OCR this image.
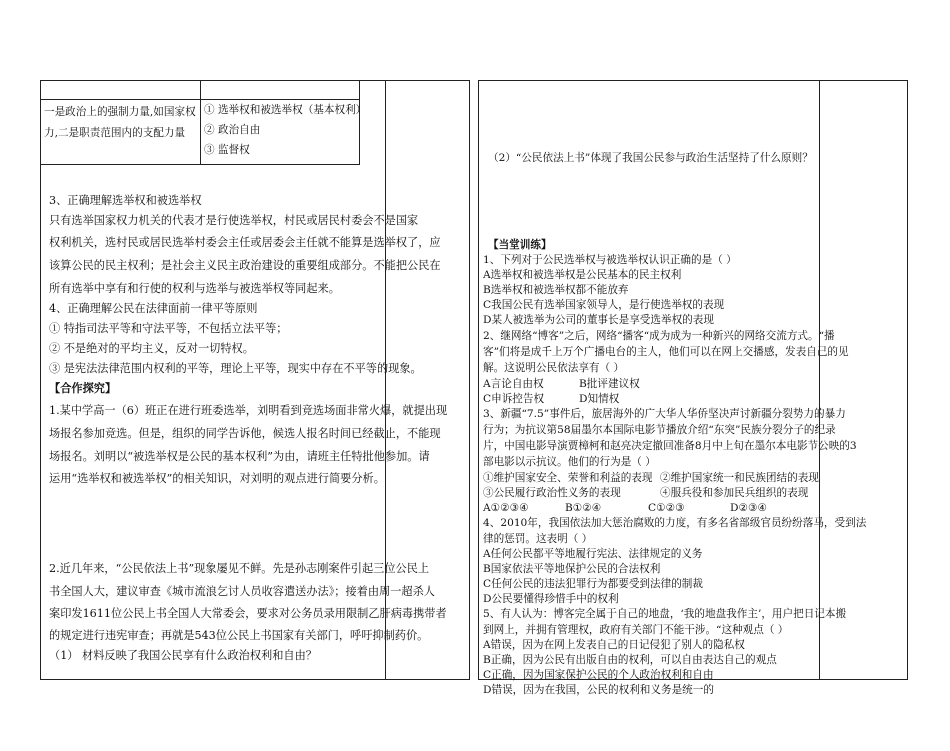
一是政治上的强制力量,如国家权
力,二是职责范围内的支配力量
① 选举权和被选举权（基本权利）
② 政治自由
③ 监督权
3、正确理解选举权和被选举权
只有选举国家权力机关的代表才是行使选举权，村民或居民村委会不是国家
权利机关，选村民或居民选举村委会主任或居委会主任就不能算是选举权了，应
该算公民的民主权利；是社会主义民主政治建设的重要组成部分。不能把公民在
所有选举中享有和行使的权利与选举与被选举权等同起来。
4、正确理解公民在法律面前一律平等原则
① 特指司法平等和守法平等，不包括立法平等；
② 不是绝对的平均主义，反对一切特权。
③ 是宪法法律范围内权利的平等，理论上平等，现实中存在不平等的现象。
【合作探究】
1.某中学高一（6）班正在进行班委选举，刘明看到竞选场面非常火爆，就提出现
场报名参加竞选。但是，组织的同学告诉他，候选人报名时间已经截止，不能现
场报名。刘明以“被选举权是公民的基本权利”为由，请班主任特批他参加。请
运用“选举权和被选举权”的相关知识，对刘明的观点进行简要分析。
2.近几年来，“公民依法上书”现象屡见不鲜。先是孙志刚案件引起三位公民上
书全国人大，建议审查《城市流浪乞讨人员收容遣送办法》；接着由周一超杀人
案印发1611位公民上书全国人大常委会，要求对公务员录用限制乙肝病毒携带者
的规定进行违宪审查；再就是543位公民上书国家有关部门，呼吁抑制药价。
（1） 材料反映了我国公民享有什么政治权利和自由？
（2）“公民依法上书”体现了我国公民参与政治生活坚持了什么原则？
【当堂训练】
1、下列对于公民选举权与被选举权认识正确的是（ ）
A选举权和被选举权是公民基本的民主权利
B选举权和被选举权都不能放弃
C我国公民有选举国家领导人，是行使选举权的表现
D某人被选举为公司的董事长是享受选举权的表现
2、继网络“博客”之后，网络“播客“成为成为一种新兴的网络交流方式。“播
客”们将是成千上万个广播电台的主人，他们可以在网上交播感，发表自己的见
解。这说明公民依法享有（ ）
A言论自由权	B批评建议权
C申诉控告权	D知情权
3、新疆“7.5”事件后，旅居海外的广大华人华侨坚决声讨新疆分裂势力的暴力
行为；为抗议第58届墨尔本国际电影节播放介绍“东突”民族分裂分子的纪录
片，中国电影导演贾樟柯和赵亮决定撤回准备8月中上旬在墨尔本电影节公映的3
部电影以示抗议。他们的行为是（ ）
①维护国家安全、荣誉和利益的表现 ②维护国家统一和民族团结的表现
③公民履行政治性义务的表现	④服兵役和参加民兵组织的表现
A①②③④	B①②④	C①②③	D②③④
4、2010年，我国依法加大惩治腐败的力度，有多名省部级官员纷纷落马，受到法
律的惩罚。这表明（ ）
A任何公民都平等地履行宪法、法律规定的义务
B国家依法平等地保护公民的合法权利
C任何公民的违法犯罪行为都要受到法律的制裁
D公民要懂得珍惜手中的权利
5、有人认为：博客完全属于自己的地盘，‘我的地盘我作主’，用户把日记本搬
到网上，并拥有管理权，政府有关部门不能干涉。“这种观点（ ）
A错误，因为在网上发表自己的日记侵犯了别人的隐私权
B正确，因为公民有出版自由的权利，可以自由表达自己的观点
C正确，因为国家保护公民的个人政治权利和自由
D错误，因为在我国，公民的权利和义务是统一的
